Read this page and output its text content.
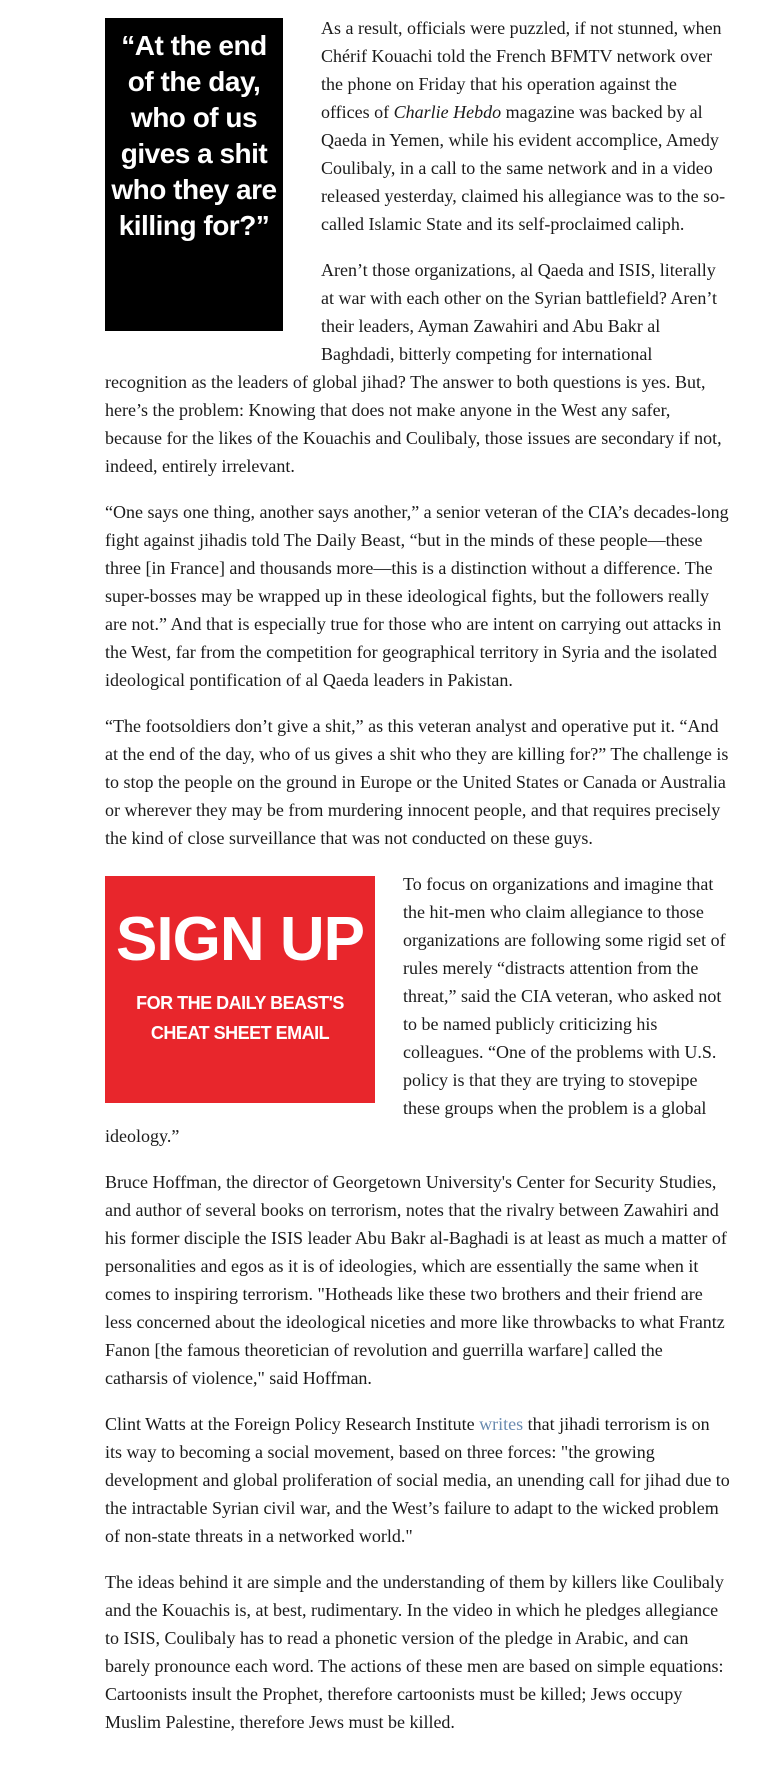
“At the end of the day, who of us gives a shit who they are killing for?”

As a result, officials were puzzled, if not stunned, when Chérif Kouachi told the French BFMTV network over the phone on Friday that his operation against the offices of Charlie Hebdo magazine was backed by al Qaeda in Yemen, while his evident accomplice, Amedy Coulibaly, in a call to the same network and in a video released yesterday, claimed his allegiance was to the so-called Islamic State and its self-proclaimed caliph.

Aren’t those organizations, al Qaeda and ISIS, literally at war with each other on the Syrian battlefield? Aren’t their leaders, Ayman Zawahiri and Abu Bakr al Baghdadi, bitterly competing for international recognition as the leaders of global jihad? The answer to both questions is yes. But, here’s the problem: Knowing that does not make anyone in the West any safer, because for the likes of the Kouachis and Coulibaly, those issues are secondary if not, indeed, entirely irrelevant.

“One says one thing, another says another,” a senior veteran of the CIA’s decades-long fight against jihadis told The Daily Beast, “but in the minds of these people—these three [in France] and thousands more—this is a distinction without a difference. The super-bosses may be wrapped up in these ideological fights, but the followers really are not.” And that is especially true for those who are intent on carrying out attacks in the West, far from the competition for geographical territory in Syria and the isolated ideological pontification of al Qaeda leaders in Pakistan.

“The footsoldiers don’t give a shit,” as this veteran analyst and operative put it. “And at the end of the day, who of us gives a shit who they are killing for?” The challenge is to stop the people on the ground in Europe or the United States or Canada or Australia or wherever they may be from murdering innocent people, and that requires precisely the kind of close surveillance that was not conducted on these guys.

SIGN UP
FOR THE DAILY BEAST'S
CHEAT SHEET EMAIL

To focus on organizations and imagine that the hit-men who claim allegiance to those organizations are following some rigid set of rules merely “distracts attention from the threat,” said the CIA veteran, who asked not to be named publicly criticizing his colleagues. “One of the problems with U.S. policy is that they are trying to stovepipe these groups when the problem is a global ideology.”

Bruce Hoffman, the director of Georgetown University's Center for Security Studies, and author of several books on terrorism, notes that the rivalry between Zawahiri and his former disciple the ISIS leader Abu Bakr al-Baghadi is at least as much a matter of personalities and egos as it is of ideologies, which are essentially the same when it comes to inspiring terrorism. "Hotheads like these two brothers and their friend are less concerned about the ideological niceties and more like throwbacks to what Frantz Fanon [the famous theoretician of revolution and guerrilla warfare] called the catharsis of violence," said Hoffman.

Clint Watts at the Foreign Policy Research Institute writes that jihadi terrorism is on its way to becoming a social movement, based on three forces: "the growing development and global proliferation of social media, an unending call for jihad due to the intractable Syrian civil war, and the West’s failure to adapt to the wicked problem of non-state threats in a networked world."

The ideas behind it are simple and the understanding of them by killers like Coulibaly and the Kouachis is, at best, rudimentary. In the video in which he pledges allegiance to ISIS, Coulibaly has to read a phonetic version of the pledge in Arabic, and can barely pronounce each word. The actions of these men are based on simple equations: Cartoonists insult the Prophet, therefore cartoonists must be killed; Jews occupy Muslim Palestine, therefore Jews must be killed.
